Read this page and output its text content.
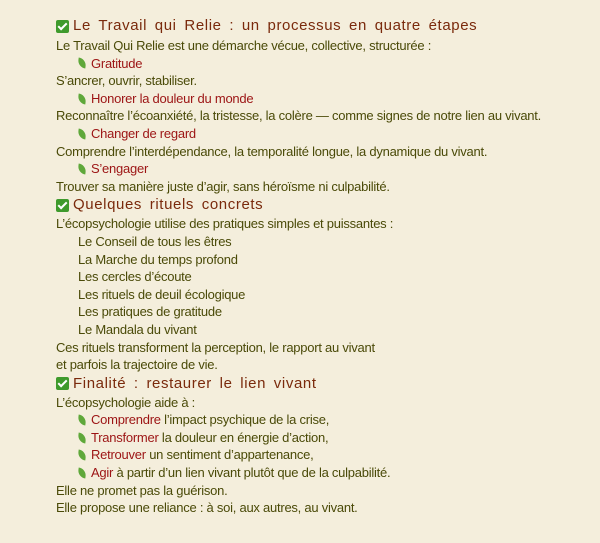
Le Travail qui Relie : un processus en quatre étapes
Le Travail Qui Relie est une démarche vécue, collective, structurée :
Gratitude
S’ancrer, ouvrir, stabiliser.
Honorer la douleur du monde
Reconnaître l’écoanxiété, la tristesse, la colère — comme signes de notre lien au vivant.
Changer de regard
Comprendre l’interdépendance, la temporalité longue, la dynamique du vivant.
S’engager
Trouver sa manière juste d’agir, sans héroïsme ni culpabilité.
Quelques rituels concrets
L’écopsychologie utilise des pratiques simples et puissantes :
Le Conseil de tous les êtres
La Marche du temps profond
Les cercles d’écoute
Les rituels de deuil écologique
Les pratiques de gratitude
Le Mandala du vivant
Ces rituels transforment la perception, le rapport au vivant
et parfois la trajectoire de vie.
Finalité : restaurer le lien vivant
L’écopsychologie aide à :
Comprendre l’impact psychique de la crise,
Transformer la douleur en énergie d’action,
Retrouver un sentiment d’appartenance,
Agir à partir d’un lien vivant plutôt que de la culpabilité.
Elle ne promet pas la guérison.
Elle propose une reliance : à soi, aux autres, au vivant.
